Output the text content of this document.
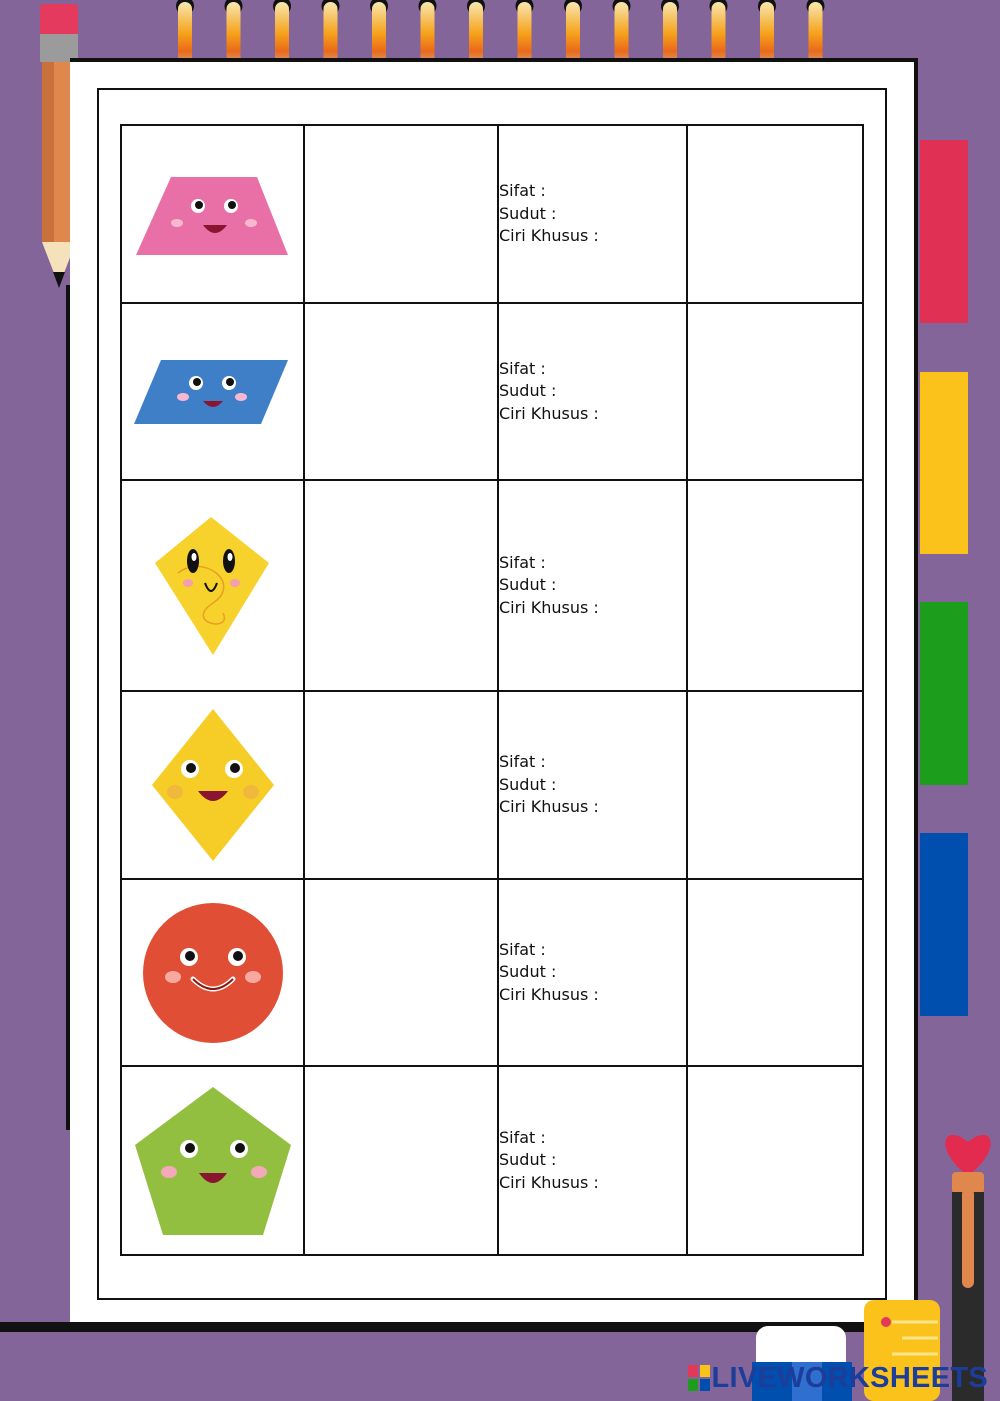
Sifat :
Sudut :
Ciri Khusus :	

Sifat :
Sudut :
Ciri Khusus :	

Sifat :
Sudut :
Ciri Khusus :	

Sifat :
Sudut :
Ciri Khusus :	

Sifat :
Sudut :
Ciri Khusus :	

Sifat :
Sudut :
Ciri Khusus :	

LIVEWORKSHEETS
